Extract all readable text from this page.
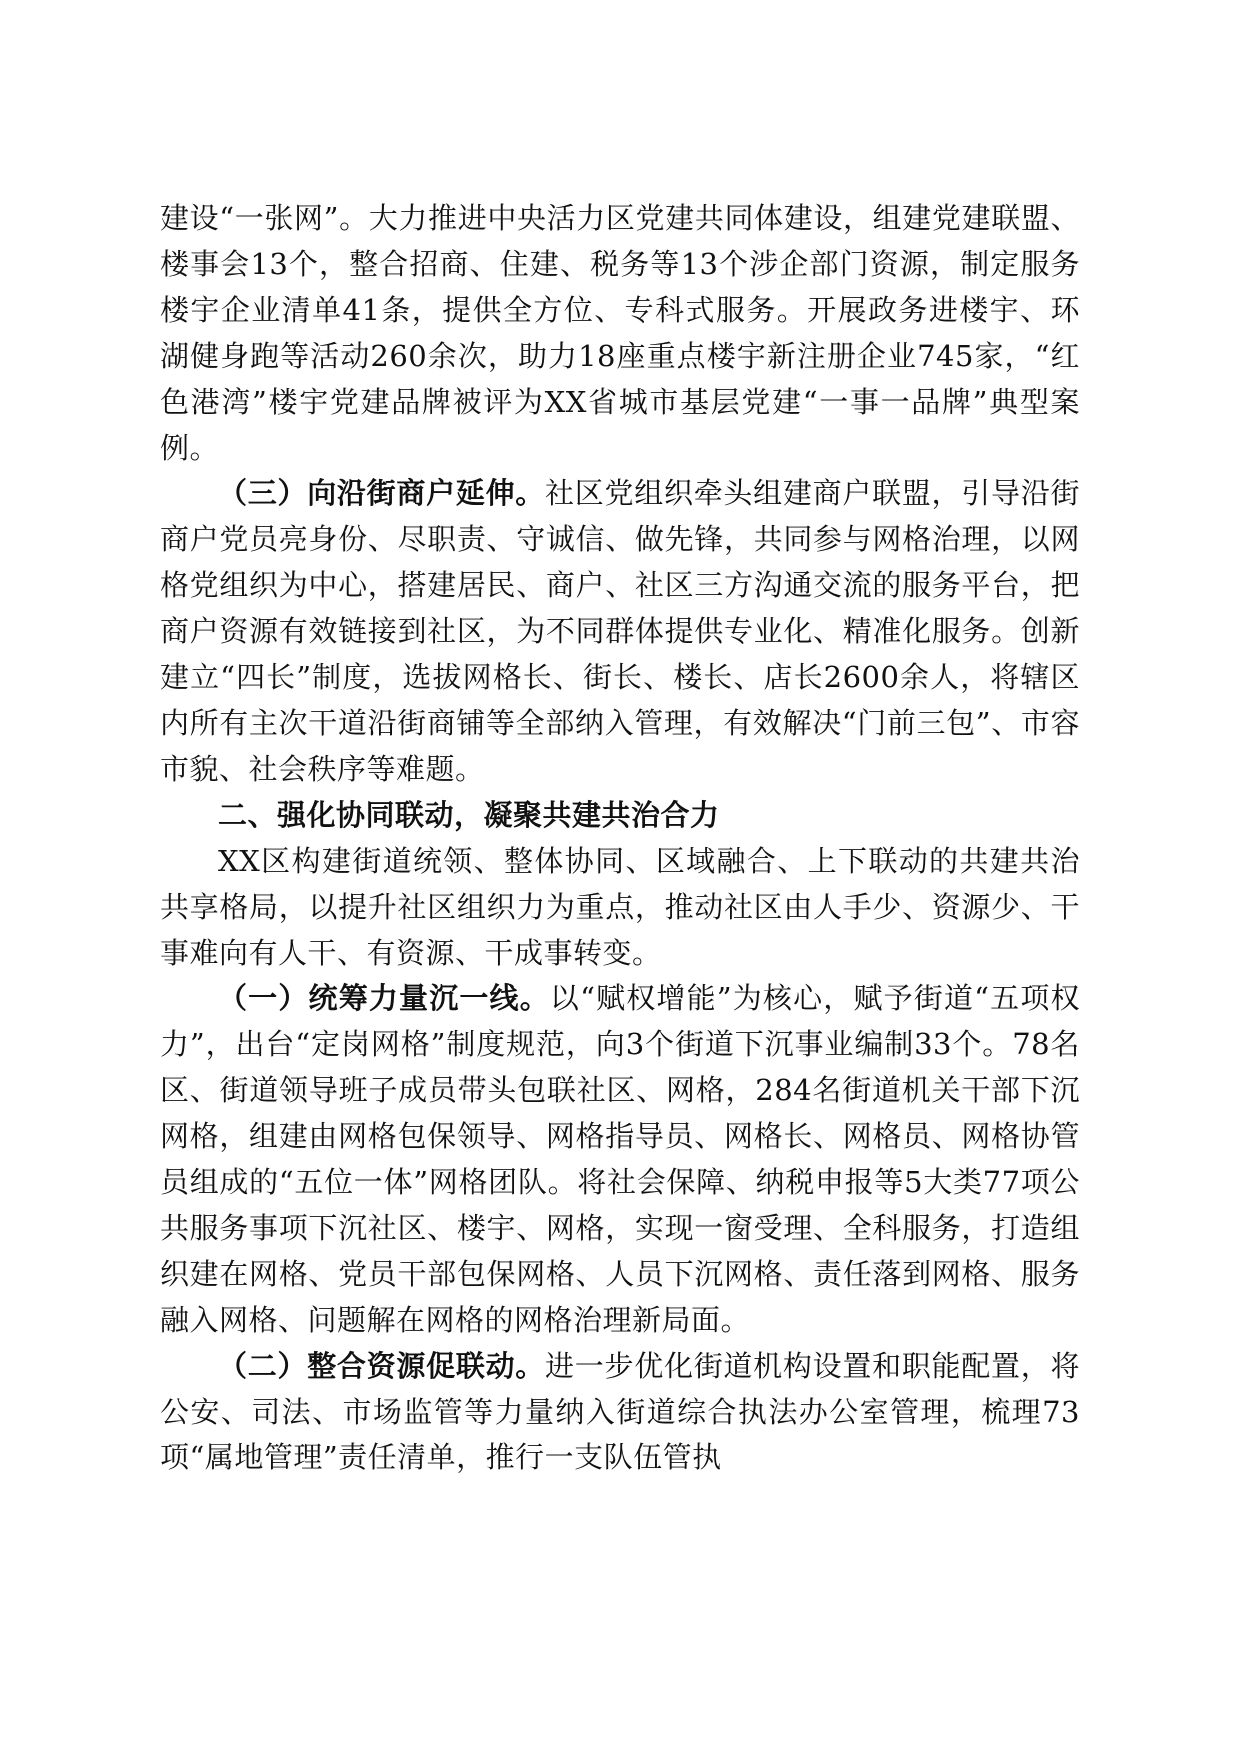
建设“一张网”。大力推进中央活力区党建共同体建设，组建党建联盟、楼事会13个，整合招商、住建、税务等13个涉企部门资源，制定服务楼宇企业清单41条，提供全方位、专科式服务。开展政务进楼宇、环湖健身跑等活动260余次，助力18座重点楼宇新注册企业745家，“红色港湾”楼宇党建品牌被评为XX省城市基层党建“一事一品牌”典型案例。

（三）向沿街商户延伸。社区党组织牵头组建商户联盟，引导沿街商户党员亮身份、尽职责、守诚信、做先锋，共同参与网格治理，以网格党组织为中心，搭建居民、商户、社区三方沟通交流的服务平台，把商户资源有效链接到社区，为不同群体提供专业化、精准化服务。创新建立“四长”制度，选拔网格长、街长、楼长、店长2600余人，将辖区内所有主次干道沿街商铺等全部纳入管理，有效解决“门前三包”、市容市貌、社会秩序等难题。

二、强化协同联动，凝聚共建共治合力

XX区构建街道统领、整体协同、区域融合、上下联动的共建共治共享格局，以提升社区组织力为重点，推动社区由人手少、资源少、干事难向有人干、有资源、干成事转变。

（一）统筹力量沉一线。以“赋权增能”为核心，赋予街道“五项权力”，出台“定岗网格”制度规范，向3个街道下沉事业编制33个。78名区、街道领导班子成员带头包联社区、网格，284名街道机关干部下沉网格，组建由网格包保领导、网格指导员、网格长、网格员、网格协管员组成的“五位一体”网格团队。将社会保障、纳税申报等5大类77项公共服务事项下沉社区、楼宇、网格，实现一窗受理、全科服务，打造组织建在网格、党员干部包保网格、人员下沉网格、责任落到网格、服务融入网格、问题解在网格的网格治理新局面。

（二）整合资源促联动。进一步优化街道机构设置和职能配置，将公安、司法、市场监管等力量纳入街道综合执法办公室管理，梳理73项“属地管理”责任清单，推行一支队伍管执
